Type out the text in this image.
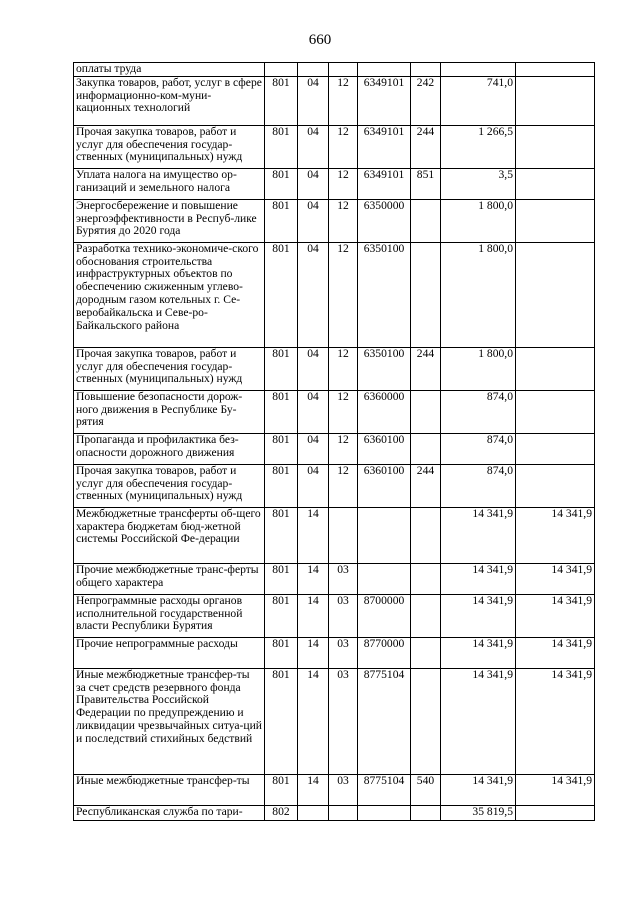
660
оплаты труда							
Закупка товаров, работ, услуг в сфере информационно-ком-муни-кационных технологий	801	04	12	6349101	242	741,0	
Прочая закупка товаров, работ и услуг для обеспечения государ-ственных (муниципальных) нужд	801	04	12	6349101	244	1 266,5	
Уплата налога на имущество ор-ганизаций и земельного налога	801	04	12	6349101	851	3,5	
Энергосбережение и повышение энергоэффективности в Респуб-лике Бурятия до 2020 года	801	04	12	6350000		1 800,0	
Разработка технико-экономиче-ского обоснования строительства инфраструктурных объектов по обеспечению сжиженным углево-дородным газом котельных г. Се-веробайкальска и Севе-ро-Байкальского района	801	04	12	6350100		1 800,0	
Прочая закупка товаров, работ и услуг для обеспечения государ-ственных (муниципальных) нужд	801	04	12	6350100	244	1 800,0	
Повышение безопасности дорож-ного движения в Республике Бу-рятия	801	04	12	6360000		874,0	
Пропаганда и профилактика без-опасности дорожного движения	801	04	12	6360100		874,0	
Прочая закупка товаров, работ и услуг для обеспечения государ-ственных (муниципальных) нужд	801	04	12	6360100	244	874,0	
Межбюджетные трансферты об-щего характера бюджетам бюд-жетной системы Российской Фе-дерации	801	14				14 341,9	14 341,9
Прочие межбюджетные транс-ферты общего характера	801	14	03			14 341,9	14 341,9
Непрограммные расходы органов исполнительной государственной власти Республики Бурятия	801	14	03	8700000		14 341,9	14 341,9
Прочие непрограммные расходы	801	14	03	8770000		14 341,9	14 341,9
Иные межбюджетные трансфер-ты за счет средств резервного фонда Правительства Российской Федерации по предупреждению и ликвидации чрезвычайных ситуа-ций и последствий стихийных бедствий	801	14	03	8775104		14 341,9	14 341,9
Иные межбюджетные трансфер-ты	801	14	03	8775104	540	14 341,9	14 341,9
Республиканская служба по тари-	802					35 819,5	
